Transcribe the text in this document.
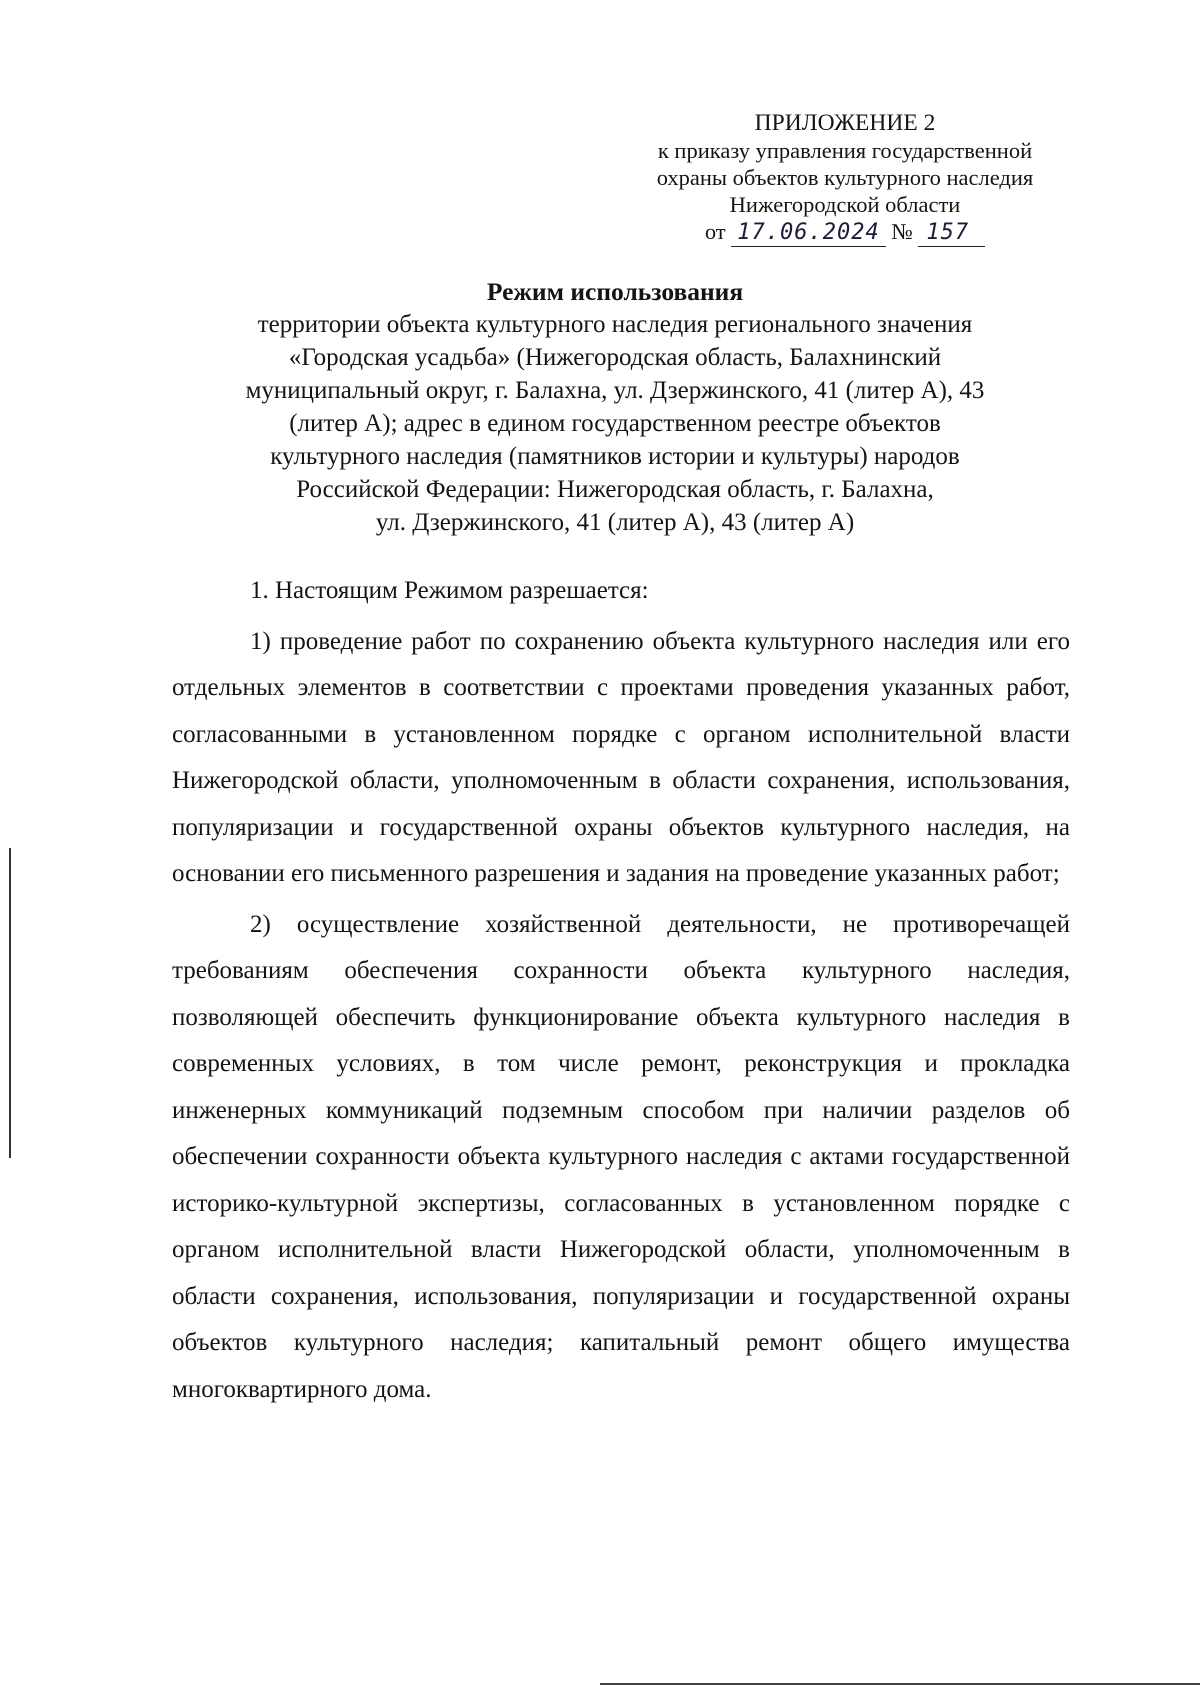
ПРИЛОЖЕНИЕ 2
к приказу управления государственной
охраны объектов культурного наследия
Нижегородской области
от 17.06.2024 № 157
Режим использования
территории объекта культурного наследия регионального значения
«Городская усадьба» (Нижегородская область, Балахнинский
муниципальный округ, г. Балахна, ул. Дзержинского, 41 (литер А), 43
(литер А); адрес в едином государственном реестре объектов
культурного наследия (памятников истории и культуры) народов
Российской Федерации: Нижегородская область, г. Балахна,
ул. Дзержинского, 41 (литер А), 43 (литер А)

1. Настоящим Режимом разрешается:

1) проведение работ по сохранению объекта культурного наследия или его отдельных элементов в соответствии с проектами проведения указанных работ, согласованными в установленном порядке с органом исполнительной власти Нижегородской области, уполномоченным в области сохранения, использования, популяризации и государственной охраны объектов культурного наследия, на основании его письменного разрешения и задания на проведение указанных работ;

2) осуществление хозяйственной деятельности, не противоречащей требованиям обеспечения сохранности объекта культурного наследия, позволяющей обеспечить функционирование объекта культурного наследия в современных условиях, в том числе ремонт, реконструкция и прокладка инженерных коммуникаций подземным способом при наличии разделов об обеспечении сохранности объекта культурного наследия с актами государственной историко-культурной экспертизы, согласованных в установленном порядке с органом исполнительной власти Нижегородской области, уполномоченным в области сохранения, использования, популяризации и государственной охраны объектов культурного наследия; капитальный ремонт общего имущества многоквартирного дома.
